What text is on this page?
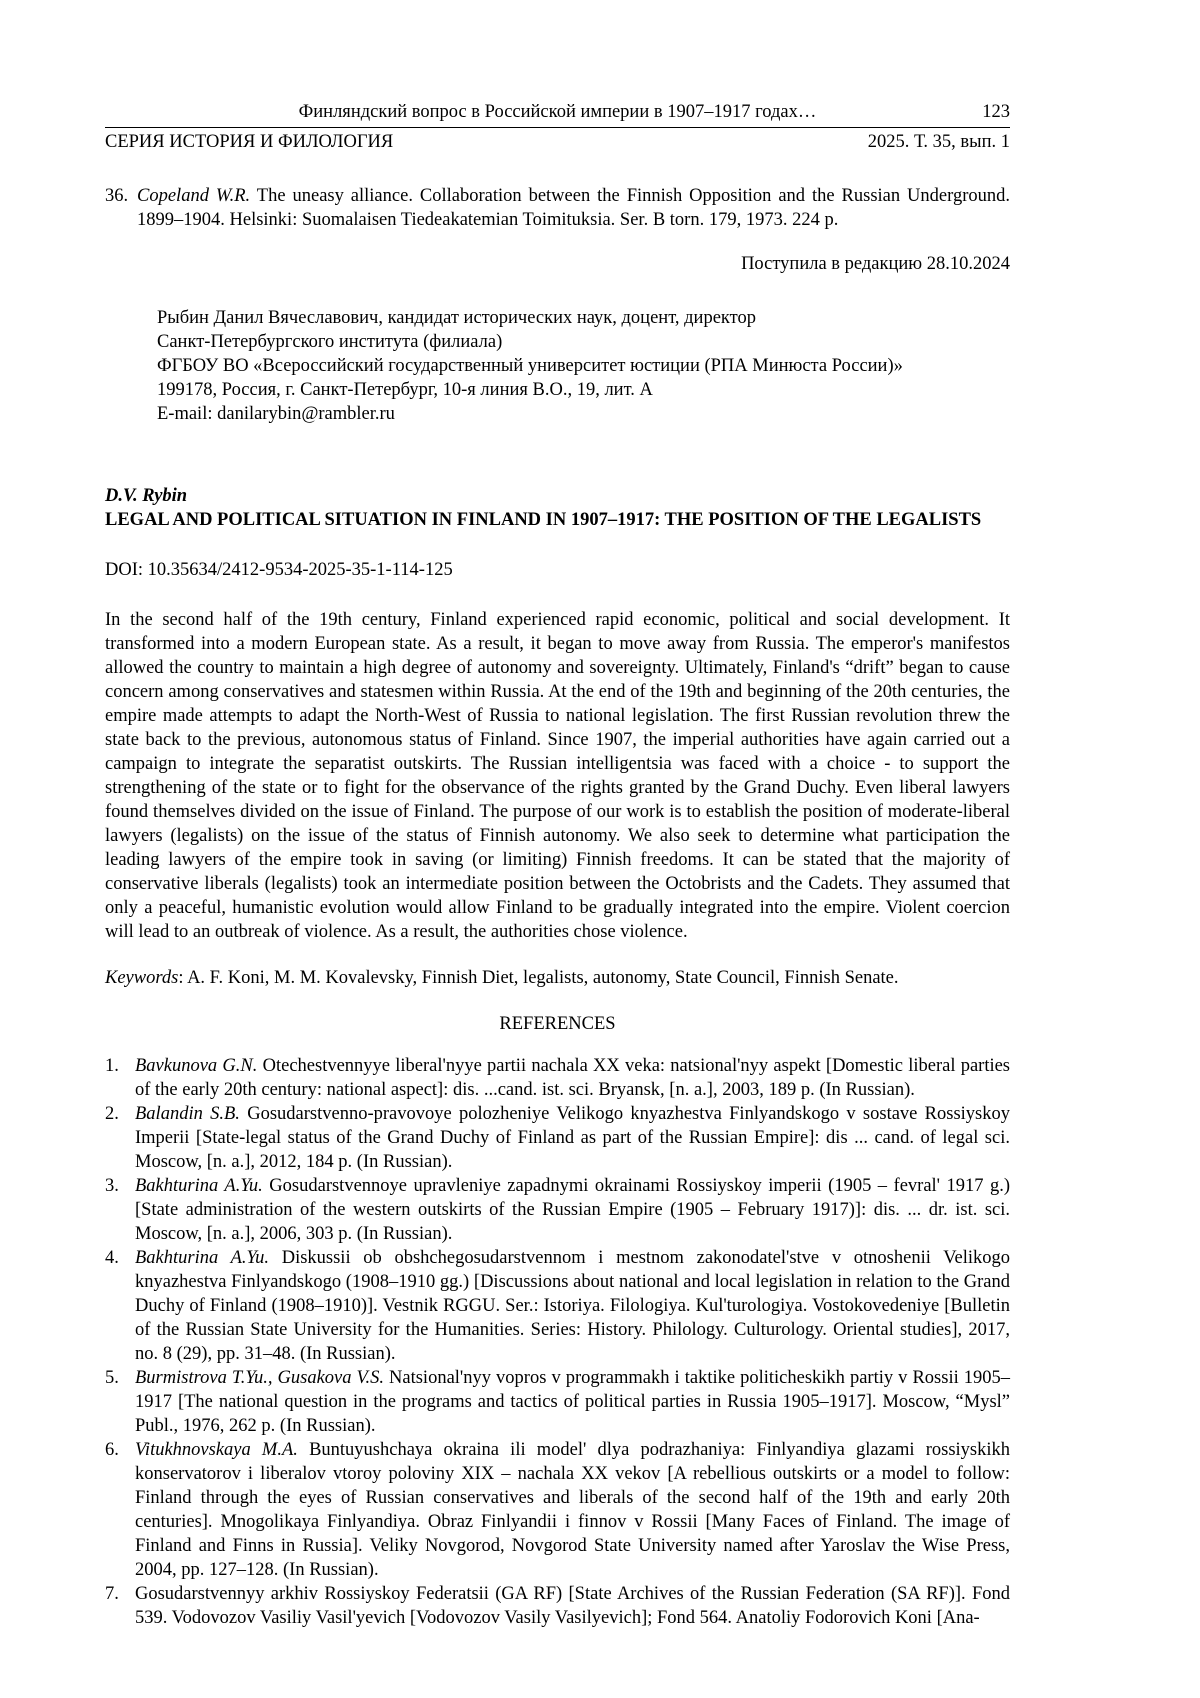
Финляндский вопрос в Российской империи в 1907–1917 годах…	123
СЕРИЯ ИСТОРИЯ И ФИЛОЛОГИЯ	2025. Т. 35, вып. 1
36. Copeland W.R. The uneasy alliance. Collaboration between the Finnish Opposition and the Russian Underground. 1899–1904. Helsinki: Suomalaisen Tiedeakatemian Toimituksia. Ser. B torn. 179, 1973. 224 p.
Поступила в редакцию 28.10.2024
Рыбин Данил Вячеславович, кандидат исторических наук, доцент, директор
Санкт-Петербургского института (филиала)
ФГБОУ ВО «Всероссийский государственный университет юстиции (РПА Минюста России)»
199178, Россия, г. Санкт-Петербург, 10-я линия В.О., 19, лит. А
E-mail: danilarybin@rambler.ru
D.V. Rybin
LEGAL AND POLITICAL SITUATION IN FINLAND IN 1907–1917: THE POSITION OF THE LEGALISTS
DOI: 10.35634/2412-9534-2025-35-1-114-125
In the second half of the 19th century, Finland experienced rapid economic, political and social development. It transformed into a modern European state. As a result, it began to move away from Russia. The emperor's manifestos allowed the country to maintain a high degree of autonomy and sovereignty. Ultimately, Finland's “drift” began to cause concern among conservatives and statesmen within Russia. At the end of the 19th and beginning of the 20th centuries, the empire made attempts to adapt the North-West of Russia to national legislation. The first Russian revolution threw the state back to the previous, autonomous status of Finland. Since 1907, the imperial authorities have again carried out a campaign to integrate the separatist outskirts. The Russian intelligentsia was faced with a choice - to support the strengthening of the state or to fight for the observance of the rights granted by the Grand Duchy. Even liberal lawyers found themselves divided on the issue of Finland. The purpose of our work is to establish the position of moderate-liberal lawyers (legalists) on the issue of the status of Finnish autonomy. We also seek to determine what participation the leading lawyers of the empire took in saving (or limiting) Finnish freedoms. It can be stated that the majority of conservative liberals (legalists) took an intermediate position between the Octobrists and the Cadets. They assumed that only a peaceful, humanistic evolution would allow Finland to be gradually integrated into the empire. Violent coercion will lead to an outbreak of violence. As a result, the authorities chose violence.
Keywords: A. F. Koni, M. M. Kovalevsky, Finnish Diet, legalists, autonomy, State Council, Finnish Senate.
REFERENCES
1. Bavkunova G.N. Otechestvennyye liberal'nyye partii nachala XX veka: natsional'nyy aspekt [Domestic liberal parties of the early 20th century: national aspect]: dis. ...cand. ist. sci. Bryansk, [n. a.], 2003, 189 p. (In Russian).
2. Balandin S.B. Gosudarstvenno-pravovoye polozheniye Velikogo knyazhestva Finlyandskogo v sostave Rossiyskoy Imperii [State-legal status of the Grand Duchy of Finland as part of the Russian Empire]: dis ... cand. of legal sci. Moscow, [n. a.], 2012, 184 p. (In Russian).
3. Bakhturina A.Yu. Gosudarstvennoye upravleniye zapadnymi okrainami Rossiyskoy imperii (1905 – fevral' 1917 g.) [State administration of the western outskirts of the Russian Empire (1905 – February 1917)]: dis. ... dr. ist. sci. Moscow, [n. a.], 2006, 303 p. (In Russian).
4. Bakhturina A.Yu. Diskussii ob obshchegosudarstvennom i mestnom zakonodatel'stve v otnoshenii Velikogo knyazhestva Finlyandskogo (1908–1910 gg.) [Discussions about national and local legislation in relation to the Grand Duchy of Finland (1908–1910)]. Vestnik RGGU. Ser.: Istoriya. Filologiya. Kul'turologiya. Vostokovedeniye [Bulletin of the Russian State University for the Humanities. Series: History. Philology. Culturology. Oriental studies], 2017, no. 8 (29), pp. 31–48. (In Russian).
5. Burmistrova T.Yu., Gusakova V.S. Natsional'nyy vopros v programmakh i taktike politicheskikh partiy v Rossii 1905–1917 [The national question in the programs and tactics of political parties in Russia 1905–1917]. Moscow, “Mysl” Publ., 1976, 262 p. (In Russian).
6. Vitukhnovskaya M.A. Buntuyushchaya okraina ili model' dlya podrazhaniya: Finlyandiya glazami rossiyskikh konservatorov i liberalov vtoroy poloviny XIX – nachala XX vekov [A rebellious outskirts or a model to follow: Finland through the eyes of Russian conservatives and liberals of the second half of the 19th and early 20th centuries]. Mnogolikaya Finlyandiya. Obraz Finlyandii i finnov v Rossii [Many Faces of Finland. The image of Finland and Finns in Russia]. Veliky Novgorod, Novgorod State University named after Yaroslav the Wise Press, 2004, pp. 127–128. (In Russian).
7. Gosudarstvennyy arkhiv Rossiyskoy Federatsii (GA RF) [State Archives of the Russian Federation (SA RF)]. Fond 539. Vodovozov Vasiliy Vasil'yevich [Vodovozov Vasily Vasilyevich]; Fond 564. Anatoliy Fodorovich Koni [Ana-
